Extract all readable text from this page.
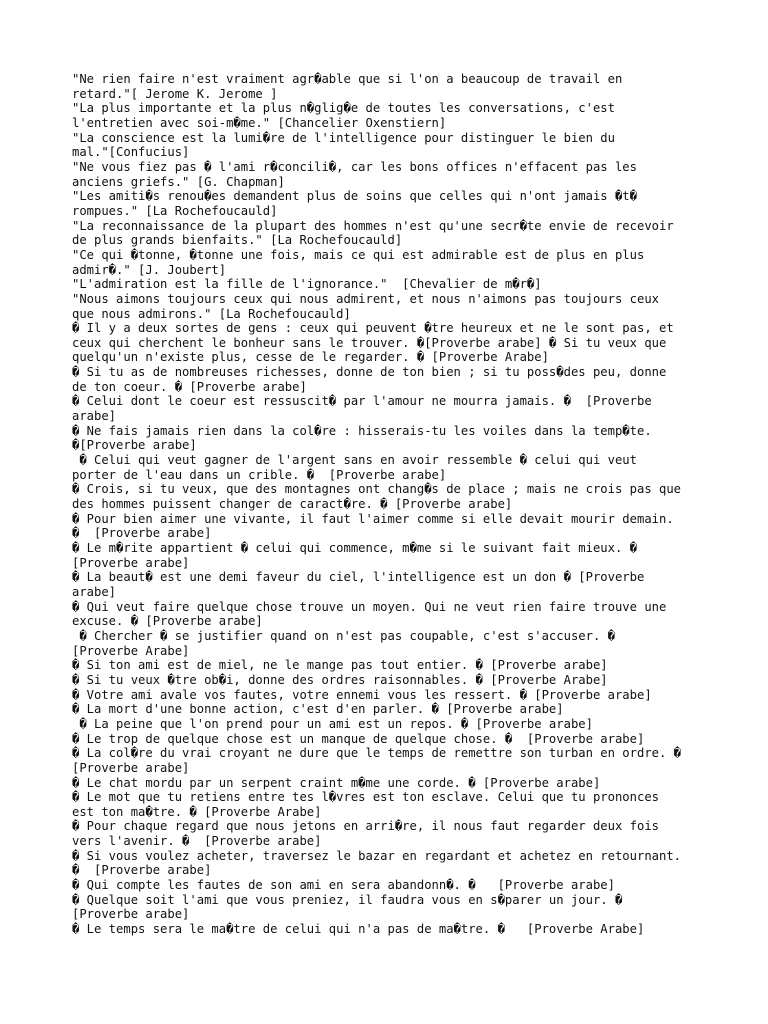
"Ne rien faire n'est vraiment agr�able que si l'on a beaucoup de travail en
retard."[ Jerome K. Jerome ]
"La plus importante et la plus n�glig�e de toutes les conversations, c'est
l'entretien avec soi-m�me." [Chancelier Oxenstiern]
"La conscience est la lumi�re de l'intelligence pour distinguer le bien du
mal."[Confucius]
"Ne vous fiez pas � l'ami r�concili�, car les bons offices n'effacent pas les
anciens griefs." [G. Chapman]
"Les amiti�s renou�es demandent plus de soins que celles qui n'ont jamais �t�
rompues." [La Rochefoucauld]
"La reconnaissance de la plupart des hommes n'est qu'une secr�te envie de recevoir
de plus grands bienfaits." [La Rochefoucauld]
"Ce qui �tonne, �tonne une fois, mais ce qui est admirable est de plus en plus
admir�." [J. Joubert]
"L'admiration est la fille de l'ignorance."  [Chevalier de m�r�]
"Nous aimons toujours ceux qui nous admirent, et nous n'aimons pas toujours ceux
que nous admirons." [La Rochefoucauld]
� Il y a deux sortes de gens : ceux qui peuvent �tre heureux et ne le sont pas, et
ceux qui cherchent le bonheur sans le trouver. �[Proverbe arabe] � Si tu veux que
quelqu'un n'existe plus, cesse de le regarder. � [Proverbe Arabe]
� Si tu as de nombreuses richesses, donne de ton bien ; si tu poss�des peu, donne
de ton coeur. � [Proverbe arabe]
� Celui dont le coeur est ressuscit� par l'amour ne mourra jamais. �  [Proverbe
arabe]
� Ne fais jamais rien dans la col�re : hisserais-tu les voiles dans la temp�te.
�[Proverbe arabe]
� Celui qui veut gagner de l'argent sans en avoir ressemble � celui qui veut
porter de l'eau dans un crible. �  [Proverbe arabe]
� Crois, si tu veux, que des montagnes ont chang�s de place ; mais ne crois pas que
des hommes puissent changer de caract�re. � [Proverbe arabe]
� Pour bien aimer une vivante, il faut l'aimer comme si elle devait mourir demain.
�  [Proverbe arabe]
� Le m�rite appartient � celui qui commence, m�me si le suivant fait mieux. �
[Proverbe arabe]
� La beaut� est une demi faveur du ciel, l'intelligence est un don � [Proverbe
arabe]
� Qui veut faire quelque chose trouve un moyen. Qui ne veut rien faire trouve une
excuse. � [Proverbe arabe]
� Chercher � se justifier quand on n'est pas coupable, c'est s'accuser. �
[Proverbe Arabe]
� Si ton ami est de miel, ne le mange pas tout entier. � [Proverbe arabe]
� Si tu veux �tre ob�i, donne des ordres raisonnables. � [Proverbe Arabe]
� Votre ami avale vos fautes, votre ennemi vous les ressert. � [Proverbe arabe]
� La mort d'une bonne action, c'est d'en parler. � [Proverbe arabe]
� La peine que l'on prend pour un ami est un repos. � [Proverbe arabe]
� Le trop de quelque chose est un manque de quelque chose. �  [Proverbe arabe]
� La col�re du vrai croyant ne dure que le temps de remettre son turban en ordre. �
[Proverbe arabe]
� Le chat mordu par un serpent craint m�me une corde. � [Proverbe arabe]
� Le mot que tu retiens entre tes l�vres est ton esclave. Celui que tu prononces
est ton ma�tre. � [Proverbe Arabe]
� Pour chaque regard que nous jetons en arri�re, il nous faut regarder deux fois
vers l'avenir. �  [Proverbe arabe]
� Si vous voulez acheter, traversez le bazar en regardant et achetez en retournant.
�  [Proverbe arabe]
� Qui compte les fautes de son ami en sera abandonn�. �   [Proverbe arabe]
� Quelque soit l'ami que vous preniez, il faudra vous en s�parer un jour. �
[Proverbe arabe]
� Le temps sera le ma�tre de celui qui n'a pas de ma�tre. �   [Proverbe Arabe]
